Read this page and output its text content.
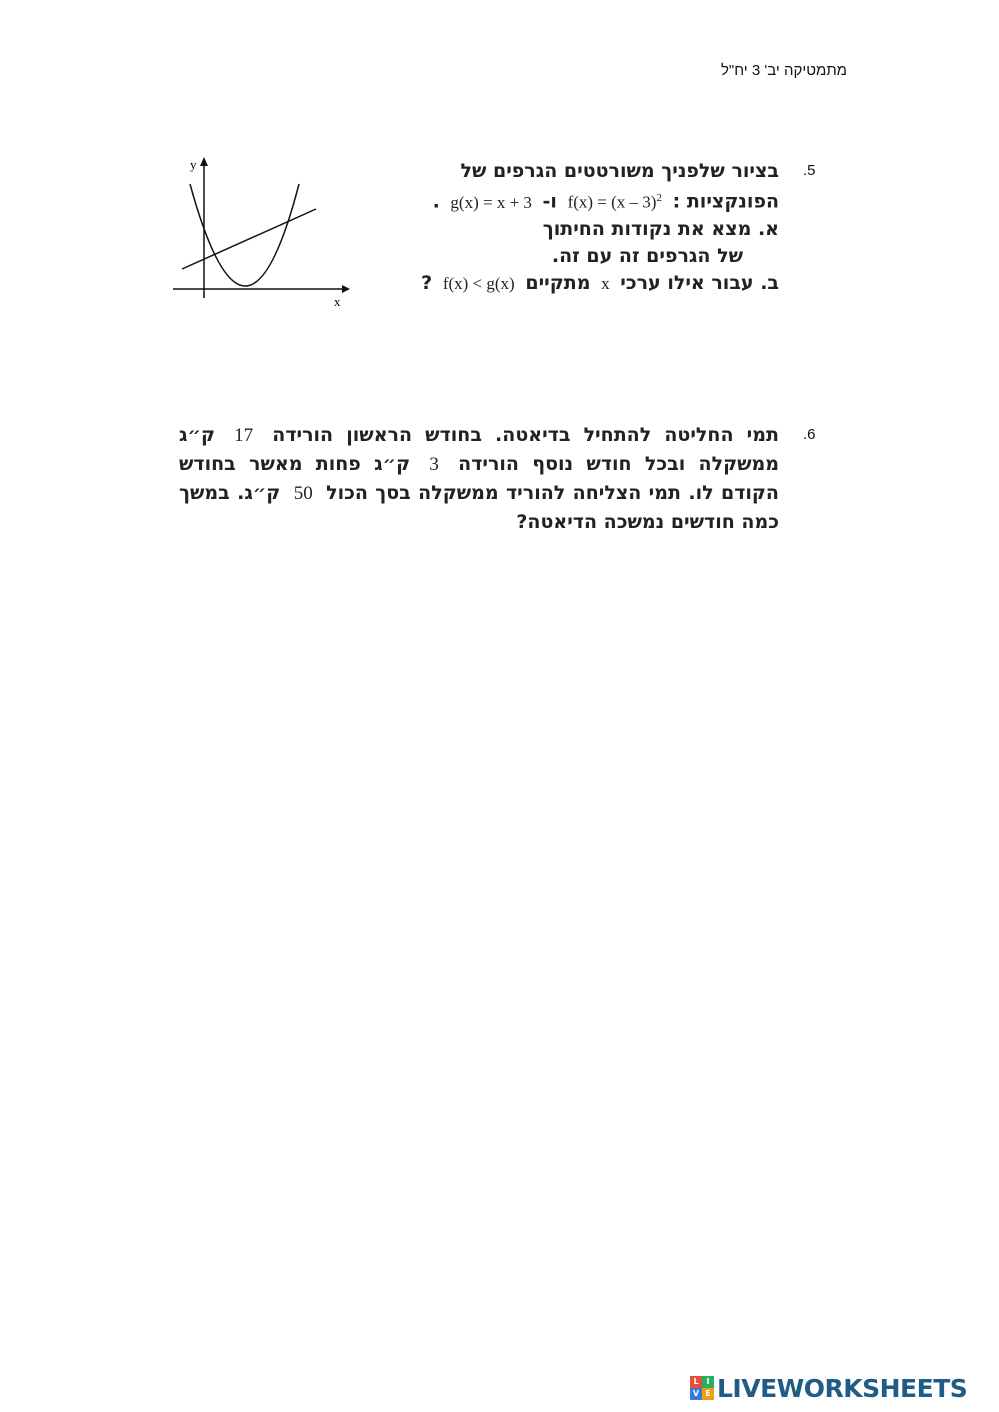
מתמטיקה יב' 3 יח"ל
.5
בציור שלפניך משורטטים הגרפים של
הפונקציות : f(x) = (x – 3)$^2$ ו- g(x) = x + 3 .
א. מצא את נקודות החיתוך
של הגרפים זה עם זה.
ב. עבור אילו ערכי x מתקיים f(x) < g(x) ?
y
x
.6
תמי החליטה להתחיל בדיאטה. בחודש הראשון הורידה 17 ק״ג ממשקלה ובכל חודש נוסף הורידה 3 ק״ג פחות מאשר בחודש הקודם לו. תמי הצליחה להוריד ממשקלה בסך הכול 50 ק״ג. במשך כמה חודשים נמשכה הדיאטה?
L I
V E LIVEWORKSHEETS
